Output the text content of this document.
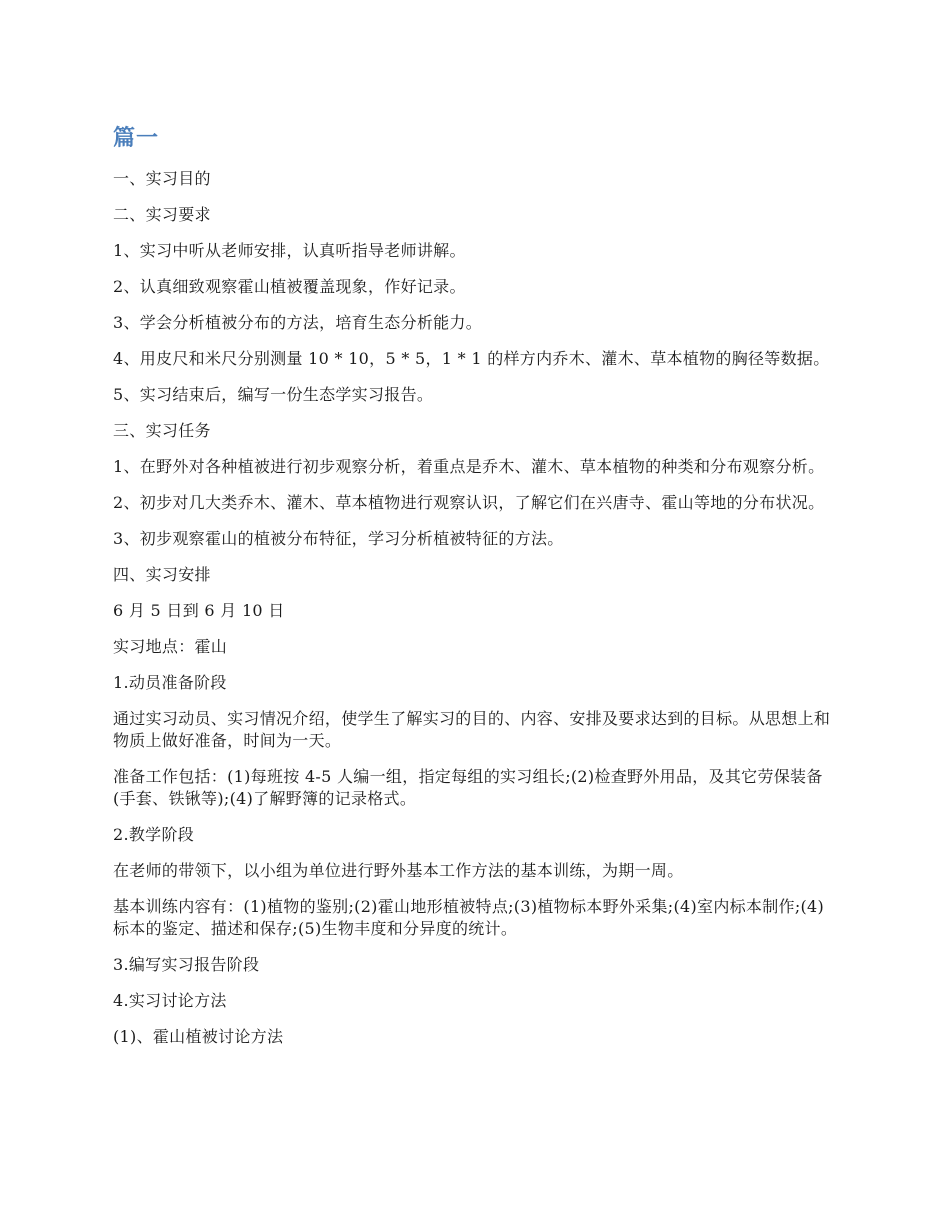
篇一

一、实习目的

二、实习要求

1、实习中听从老师安排，认真听指导老师讲解。

2、认真细致观察霍山植被覆盖现象，作好记录。

3、学会分析植被分布的方法，培育生态分析能力。

4、用皮尺和米尺分别测量 10 * 10，5 * 5，1 * 1 的样方内乔木、灌木、草本植物的胸径等数据。

5、实习结束后，编写一份生态学实习报告。

三、实习任务

1、在野外对各种植被进行初步观察分析，着重点是乔木、灌木、草本植物的种类和分布观察分析。

2、初步对几大类乔木、灌木、草本植物进行观察认识，了解它们在兴唐寺、霍山等地的分布状况。

3、初步观察霍山的植被分布特征，学习分析植被特征的方法。

四、实习安排

6 月 5 日到 6 月 10 日

实习地点：霍山

1.动员准备阶段

通过实习动员、实习情况介绍，使学生了解实习的目的、内容、安排及要求达到的目标。从思想上和物质上做好准备，时间为一天。

准备工作包括：(1)每班按 4-5 人编一组，指定每组的实习组长;(2)检查野外用品，及其它劳保装备(手套、铁锹等);(4)了解野簿的记录格式。

2.教学阶段

在老师的带领下，以小组为单位进行野外基本工作方法的基本训练，为期一周。

基本训练内容有：(1)植物的鉴别;(2)霍山地形植被特点;(3)植物标本野外采集;(4)室内标本制作;(4)标本的鉴定、描述和保存;(5)生物丰度和分异度的统计。

3.编写实习报告阶段

4.实习讨论方法

(1)、霍山植被讨论方法
